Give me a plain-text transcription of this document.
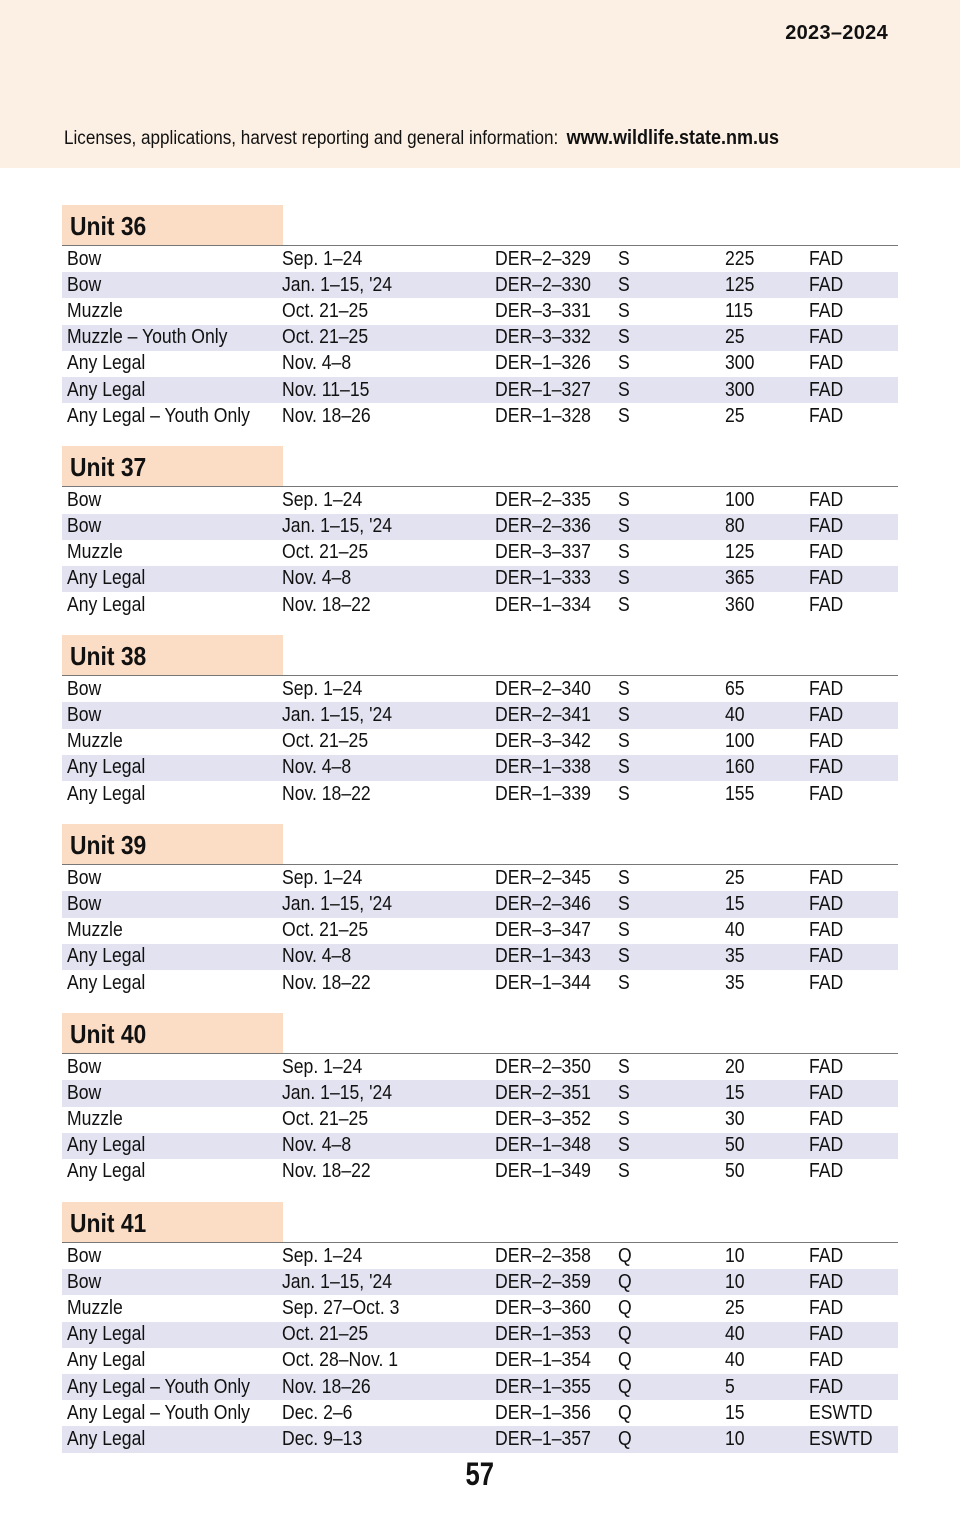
2023–2024
Licenses, applications, harvest reporting and general information: www.wildlife.state.nm.us
Unit 36
Bow	Sep. 1–24	DER–2–329	S	225	FAD
Bow	Jan. 1–15, '24	DER–2–330	S	125	FAD
Muzzle	Oct. 21–25	DER–3–331	S	115	FAD
Muzzle – Youth Only	Oct. 21–25	DER–3–332	S	25	FAD
Any Legal	Nov. 4–8	DER–1–326	S	300	FAD
Any Legal	Nov. 11–15	DER–1–327	S	300	FAD
Any Legal – Youth Only	Nov. 18–26	DER–1–328	S	25	FAD
Unit 37
Bow	Sep. 1–24	DER–2–335	S	100	FAD
Bow	Jan. 1–15, '24	DER–2–336	S	80	FAD
Muzzle	Oct. 21–25	DER–3–337	S	125	FAD
Any Legal	Nov. 4–8	DER–1–333	S	365	FAD
Any Legal	Nov. 18–22	DER–1–334	S	360	FAD
Unit 38
Bow	Sep. 1–24	DER–2–340	S	65	FAD
Bow	Jan. 1–15, '24	DER–2–341	S	40	FAD
Muzzle	Oct. 21–25	DER–3–342	S	100	FAD
Any Legal	Nov. 4–8	DER–1–338	S	160	FAD
Any Legal	Nov. 18–22	DER–1–339	S	155	FAD
Unit 39
Bow	Sep. 1–24	DER–2–345	S	25	FAD
Bow	Jan. 1–15, '24	DER–2–346	S	15	FAD
Muzzle	Oct. 21–25	DER–3–347	S	40	FAD
Any Legal	Nov. 4–8	DER–1–343	S	35	FAD
Any Legal	Nov. 18–22	DER–1–344	S	35	FAD
Unit 40
Bow	Sep. 1–24	DER–2–350	S	20	FAD
Bow	Jan. 1–15, '24	DER–2–351	S	15	FAD
Muzzle	Oct. 21–25	DER–3–352	S	30	FAD
Any Legal	Nov. 4–8	DER–1–348	S	50	FAD
Any Legal	Nov. 18–22	DER–1–349	S	50	FAD
Unit 41
Bow	Sep. 1–24	DER–2–358	Q	10	FAD
Bow	Jan. 1–15, '24	DER–2–359	Q	10	FAD
Muzzle	Sep. 27–Oct. 3	DER–3–360	Q	25	FAD
Any Legal	Oct. 21–25	DER–1–353	Q	40	FAD
Any Legal	Oct. 28–Nov. 1	DER–1–354	Q	40	FAD
Any Legal – Youth Only	Nov. 18–26	DER–1–355	Q	5	FAD
Any Legal – Youth Only	Dec. 2–6	DER–1–356	Q	15	ESWTD
Any Legal	Dec. 9–13	DER–1–357	Q	10	ESWTD
57
